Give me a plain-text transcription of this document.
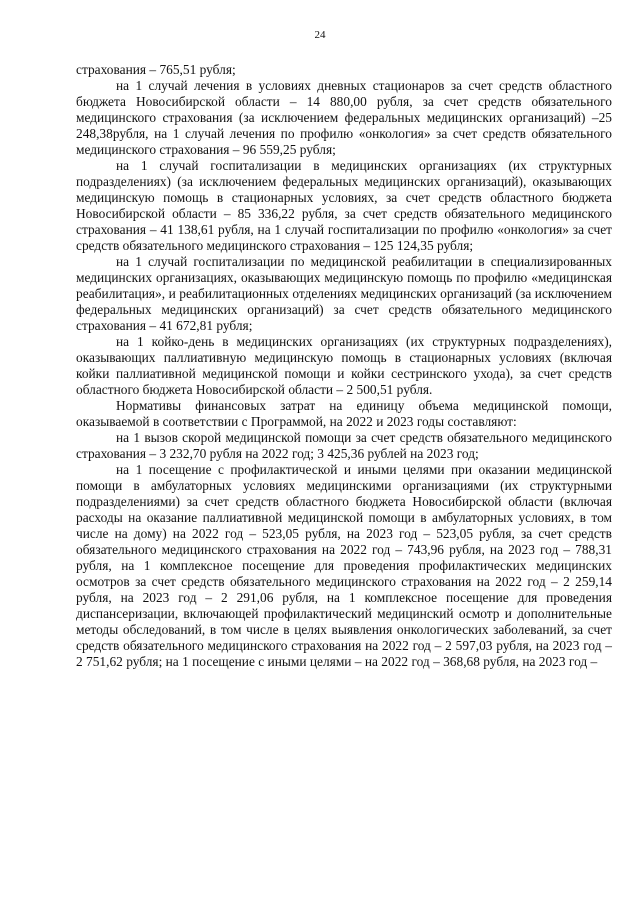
24

страхования – 765,51 рубля;

на 1 случай лечения в условиях дневных стационаров за счет средств областного бюджета Новосибирской области – 14 880,00 рубля, за счет средств обязательного медицинского страхования (за исключением федеральных медицинских организаций) –25 248,38рубля, на 1 случай лечения по профилю «онкология» за счет средств обязательного медицинского страхования – 96 559,25 рубля;

на 1 случай госпитализации в медицинских организациях (их структурных подразделениях) (за исключением федеральных медицинских организаций), оказывающих медицинскую помощь в стационарных условиях, за счет средств областного бюджета Новосибирской области – 85 336,22 рубля, за счет средств обязательного медицинского страхования – 41 138,61 рубля, на 1 случай госпитализации по профилю «онкология» за счет средств обязательного медицинского страхования – 125 124,35 рубля;

на 1 случай госпитализации по медицинской реабилитации в специализированных медицинских организациях, оказывающих медицинскую помощь по профилю «медицинская реабилитация», и реабилитационных отделениях медицинских организаций (за исключением федеральных медицинских организаций) за счет средств обязательного медицинского страхования – 41 672,81 рубля;

на 1 койко-день в медицинских организациях (их структурных подразделениях), оказывающих паллиативную медицинскую помощь в стационарных условиях (включая койки паллиативной медицинской помощи и койки сестринского ухода), за счет средств областного бюджета Новосибирской области – 2 500,51 рубля.

Нормативы финансовых затрат на единицу объема медицинской помощи, оказываемой в соответствии с Программой, на 2022 и 2023 годы составляют:

на 1 вызов скорой медицинской помощи за счет средств обязательного медицинского страхования – 3 232,70 рубля на 2022 год; 3 425,36 рублей на 2023 год;

на 1 посещение с профилактической и иными целями при оказании медицинской помощи в амбулаторных условиях медицинскими организациями (их структурными подразделениями) за счет средств областного бюджета Новосибирской области (включая расходы на оказание паллиативной медицинской помощи в амбулаторных условиях, в том числе на дому) на 2022 год – 523,05 рубля, на 2023 год – 523,05 рубля, за счет средств обязательного медицинского страхования на 2022 год – 743,96 рубля, на 2023 год – 788,31 рубля, на 1 комплексное посещение для проведения профилактических медицинских осмотров за счет средств обязательного медицинского страхования на 2022 год – 2 259,14 рубля, на 2023 год – 2 291,06 рубля, на 1 комплексное посещение для проведения диспансеризации, включающей профилактический медицинский осмотр и дополнительные методы обследований, в том числе в целях выявления онкологических заболеваний, за счет средств обязательного медицинского страхования на 2022 год – 2 597,03 рубля, на 2023 год – 2 751,62 рубля; на 1 посещение с иными целями – на 2022 год – 368,68 рубля, на 2023 год –
